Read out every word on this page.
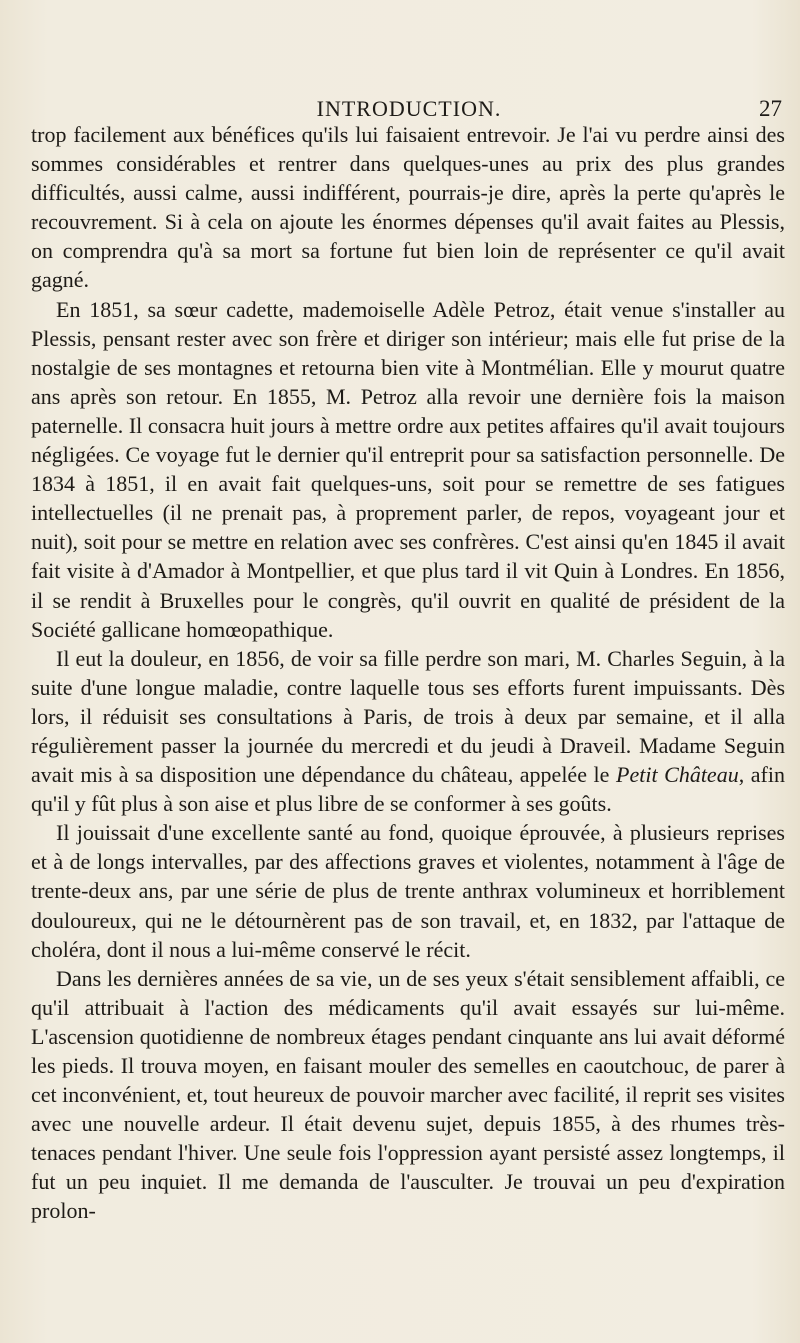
INTRODUCTION.	27

trop facilement aux bénéfices qu'ils lui faisaient entrevoir. Je l'ai vu perdre ainsi des sommes considérables et rentrer dans quelques-unes au prix des plus grandes difficultés, aussi calme, aussi indifférent, pourrais-je dire, après la perte qu'après le recouvrement. Si à cela on ajoute les énormes dépenses qu'il avait faites au Plessis, on comprendra qu'à sa mort sa fortune fut bien loin de représenter ce qu'il avait gagné.

En 1851, sa sœur cadette, mademoiselle Adèle Petroz, était venue s'installer au Plessis, pensant rester avec son frère et diriger son intérieur; mais elle fut prise de la nostalgie de ses montagnes et retourna bien vite à Montmélian. Elle y mourut quatre ans après son retour. En 1855, M. Petroz alla revoir une dernière fois la maison paternelle. Il consacra huit jours à mettre ordre aux petites affaires qu'il avait toujours négligées. Ce voyage fut le dernier qu'il entreprit pour sa satisfaction personnelle. De 1834 à 1851, il en avait fait quelques-uns, soit pour se remettre de ses fatigues intellectuelles (il ne prenait pas, à proprement parler, de repos, voyageant jour et nuit), soit pour se mettre en relation avec ses confrères. C'est ainsi qu'en 1845 il avait fait visite à d'Amador à Montpellier, et que plus tard il vit Quin à Londres. En 1856, il se rendit à Bruxelles pour le congrès, qu'il ouvrit en qualité de président de la Société gallicane homœopathique.

Il eut la douleur, en 1856, de voir sa fille perdre son mari, M. Charles Seguin, à la suite d'une longue maladie, contre laquelle tous ses efforts furent impuissants. Dès lors, il réduisit ses consultations à Paris, de trois à deux par semaine, et il alla régulièrement passer la journée du mercredi et du jeudi à Draveil. Madame Seguin avait mis à sa disposition une dépendance du château, appelée le Petit Château, afin qu'il y fût plus à son aise et plus libre de se conformer à ses goûts.

Il jouissait d'une excellente santé au fond, quoique éprouvée, à plusieurs reprises et à de longs intervalles, par des affections graves et violentes, notamment à l'âge de trente-deux ans, par une série de plus de trente anthrax volumineux et horriblement douloureux, qui ne le détournèrent pas de son travail, et, en 1832, par l'attaque de choléra, dont il nous a lui-même conservé le récit.

Dans les dernières années de sa vie, un de ses yeux s'était sensiblement affaibli, ce qu'il attribuait à l'action des médicaments qu'il avait essayés sur lui-même. L'ascension quotidienne de nombreux étages pendant cinquante ans lui avait déformé les pieds. Il trouva moyen, en faisant mouler des semelles en caoutchouc, de parer à cet inconvénient, et, tout heureux de pouvoir marcher avec facilité, il reprit ses visites avec une nouvelle ardeur. Il était devenu sujet, depuis 1855, à des rhumes très-tenaces pendant l'hiver. Une seule fois l'oppression ayant persisté assez longtemps, il fut un peu inquiet. Il me demanda de l'ausculter. Je trouvai un peu d'expiration prolon-
